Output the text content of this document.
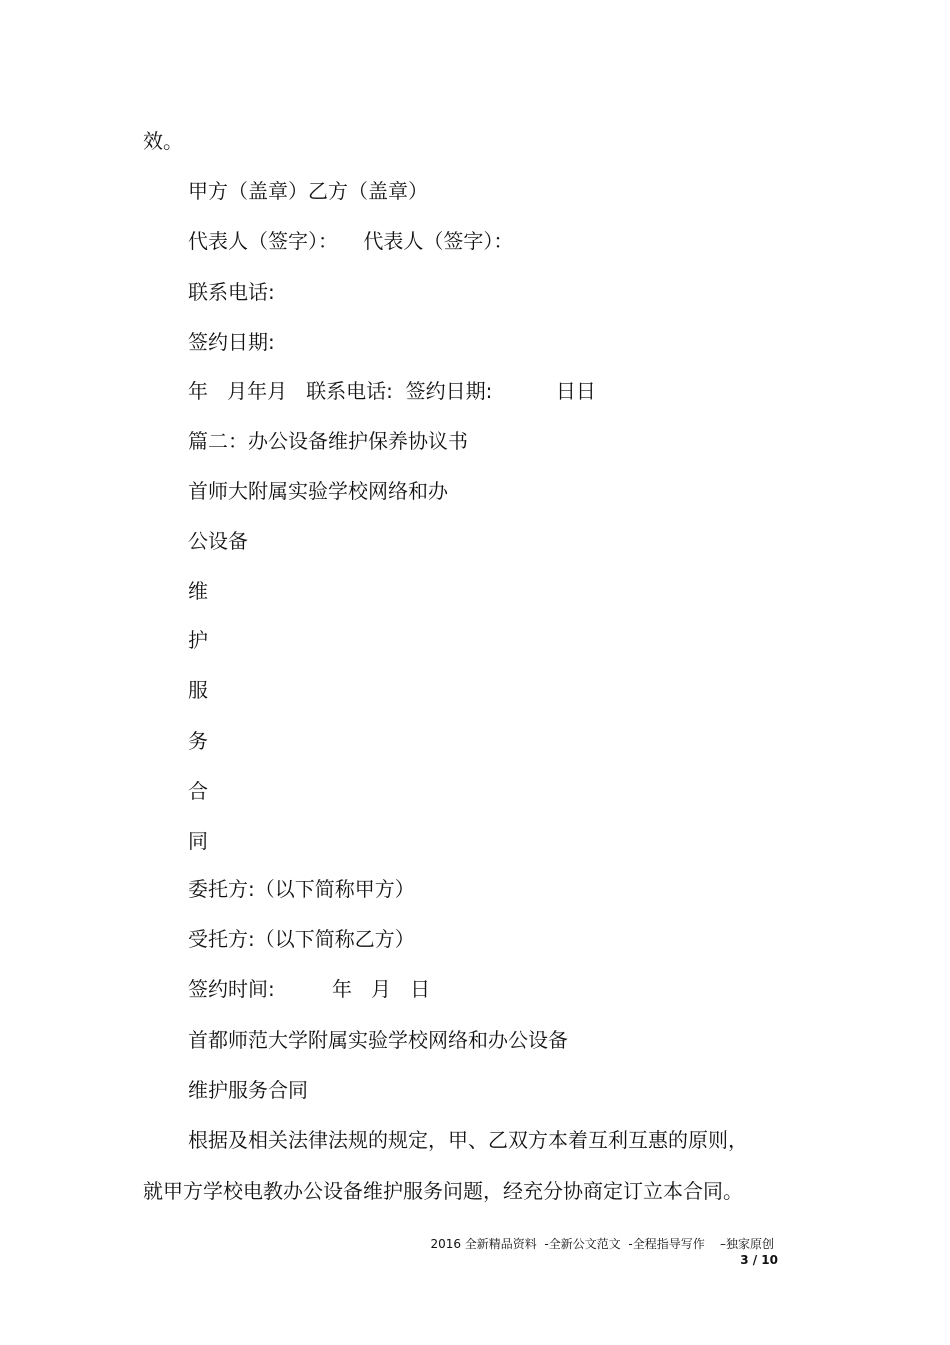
效。
甲方（盖章）乙方（盖章）
代表人（签字）：    代表人（签字）：
联系电话:
签约日期:
年   月年月   联系电话:  签约日期:          日日
篇二：办公设备维护保养协议书
首师大附属实验学校网络和办
公设备
维
护
服
务
合
同
委托方:（以下简称甲方）
受托方:（以下简称乙方）
签约时间:         年   月   日
首都师范大学附属实验学校网络和办公设备
维护服务合同
根据及相关法律法规的规定，甲、乙双方本着互利互惠的原则，
就甲方学校电教办公设备维护服务问题，经充分协商定订立本合同。
2016 全新精品资料  -全新公文范文  -全程指导写作    –独家原创
3 / 10
